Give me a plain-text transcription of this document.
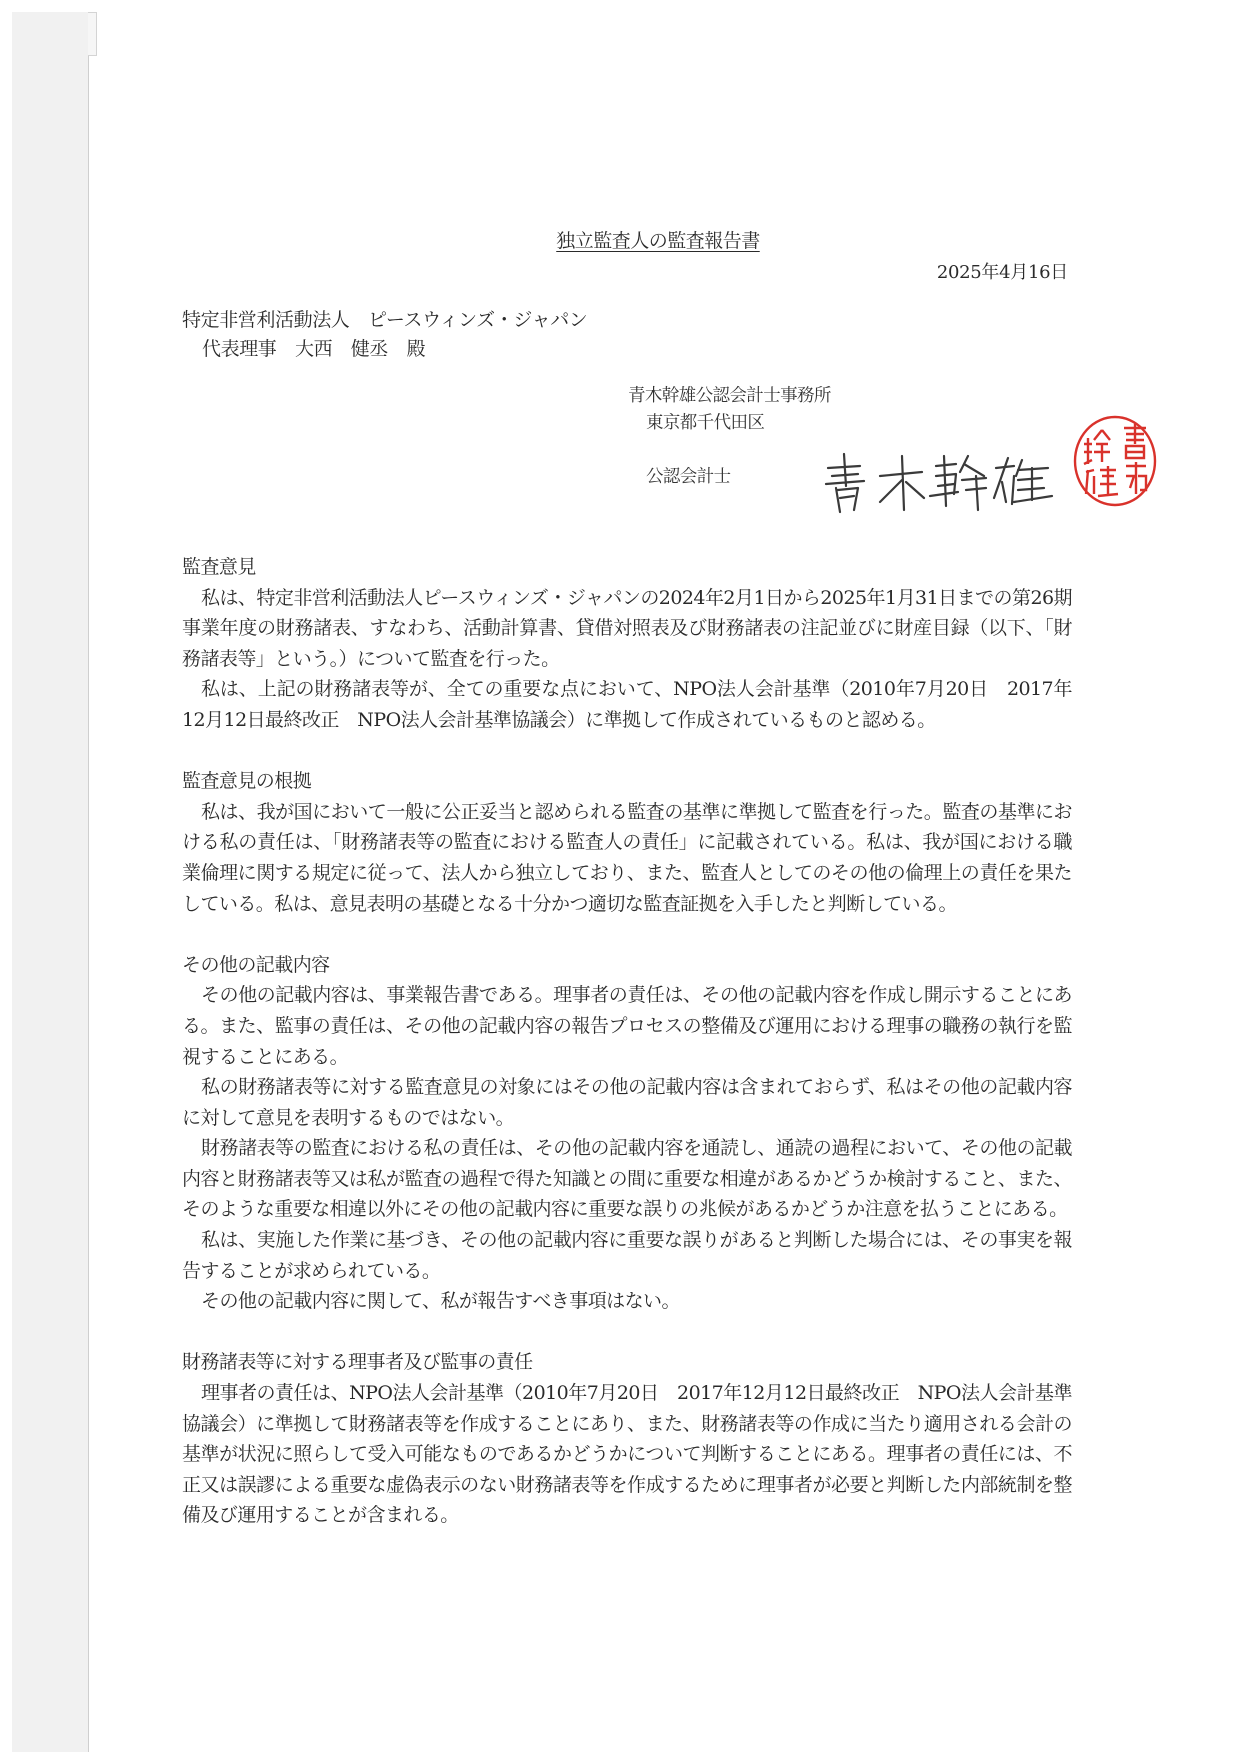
独立監査人の監査報告書
2025年4月16日
特定非営利活動法人　ピースウィンズ・ジャパン
代表理事　大西　健丞　殿
青木幹雄公認会計士事務所
東京都千代田区
公認会計士
監査意見

私は、特定非営利活動法人ピースウィンズ・ジャパンの2024年2月1日から2025年1月31日までの第26期事業年度の財務諸表、すなわち、活動計算書、貸借対照表及び財務諸表の注記並びに財産目録（以下、「財務諸表等」という。）について監査を行った。

私は、上記の財務諸表等が、全ての重要な点において、NPO法人会計基準（2010年7月20日　2017年12月12日最終改正　NPO法人会計基準協議会）に準拠して作成されているものと認める。

監査意見の根拠

私は、我が国において一般に公正妥当と認められる監査の基準に準拠して監査を行った。監査の基準における私の責任は、「財務諸表等の監査における監査人の責任」に記載されている。私は、我が国における職業倫理に関する規定に従って、法人から独立しており、また、監査人としてのその他の倫理上の責任を果たしている。私は、意見表明の基礎となる十分かつ適切な監査証拠を入手したと判断している。

その他の記載内容

その他の記載内容は、事業報告書である。理事者の責任は、その他の記載内容を作成し開示することにある。また、監事の責任は、その他の記載内容の報告プロセスの整備及び運用における理事の職務の執行を監視することにある。

私の財務諸表等に対する監査意見の対象にはその他の記載内容は含まれておらず、私はその他の記載内容に対して意見を表明するものではない。

財務諸表等の監査における私の責任は、その他の記載内容を通読し、通読の過程において、その他の記載内容と財務諸表等又は私が監査の過程で得た知識との間に重要な相違があるかどうか検討すること、また、そのような重要な相違以外にその他の記載内容に重要な誤りの兆候があるかどうか注意を払うことにある。

私は、実施した作業に基づき、その他の記載内容に重要な誤りがあると判断した場合には、その事実を報告することが求められている。

その他の記載内容に関して、私が報告すべき事項はない。

財務諸表等に対する理事者及び監事の責任

理事者の責任は、NPO法人会計基準（2010年7月20日　2017年12月12日最終改正　NPO法人会計基準協議会）に準拠して財務諸表等を作成することにあり、また、財務諸表等の作成に当たり適用される会計の基準が状況に照らして受入可能なものであるかどうかについて判断することにある。理事者の責任には、不正又は誤謬による重要な虚偽表示のない財務諸表等を作成するために理事者が必要と判断した内部統制を整備及び運用することが含まれる。
